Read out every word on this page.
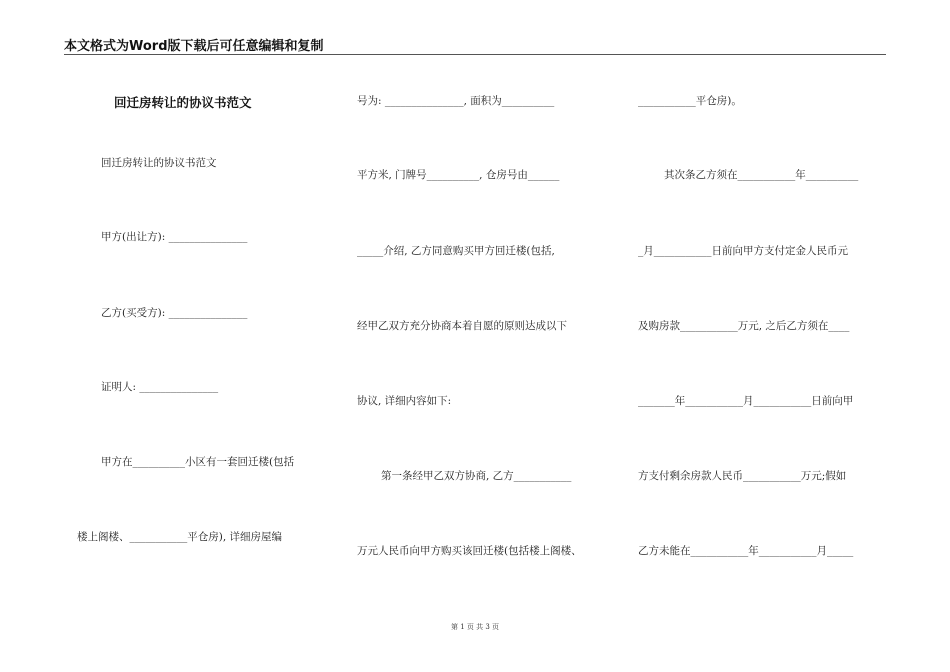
本文格式为Word版下载后可任意编辑和复制
回迁房转让的协议书范文
回迁房转让的协议书范文
甲方(出让方): _______________
乙方(买受方): _______________
证明人: _______________
甲方在__________小区有一套回迁楼(包括
楼上阁楼、___________平仓房), 详细房屋编
号为: _______________, 面积为__________
平方米, 门牌号__________, 仓房号由______
_____介绍, 乙方同意购买甲方回迁楼(包括,
经甲乙双方充分协商本着自愿的原则达成以下
协议, 详细内容如下:
第一条经甲乙双方协商, 乙方___________
万元人民币向甲方购买该回迁楼(包括楼上阁楼、
___________平仓房)。
其次条乙方须在___________年__________
_月___________日前向甲方支付定金人民币元
及购房款___________万元, 之后乙方须在____
_______年___________月___________日前向甲
方支付剩余房款人民币___________万元;假如
乙方未能在___________年___________月_____
第 1 页 共 3 页
